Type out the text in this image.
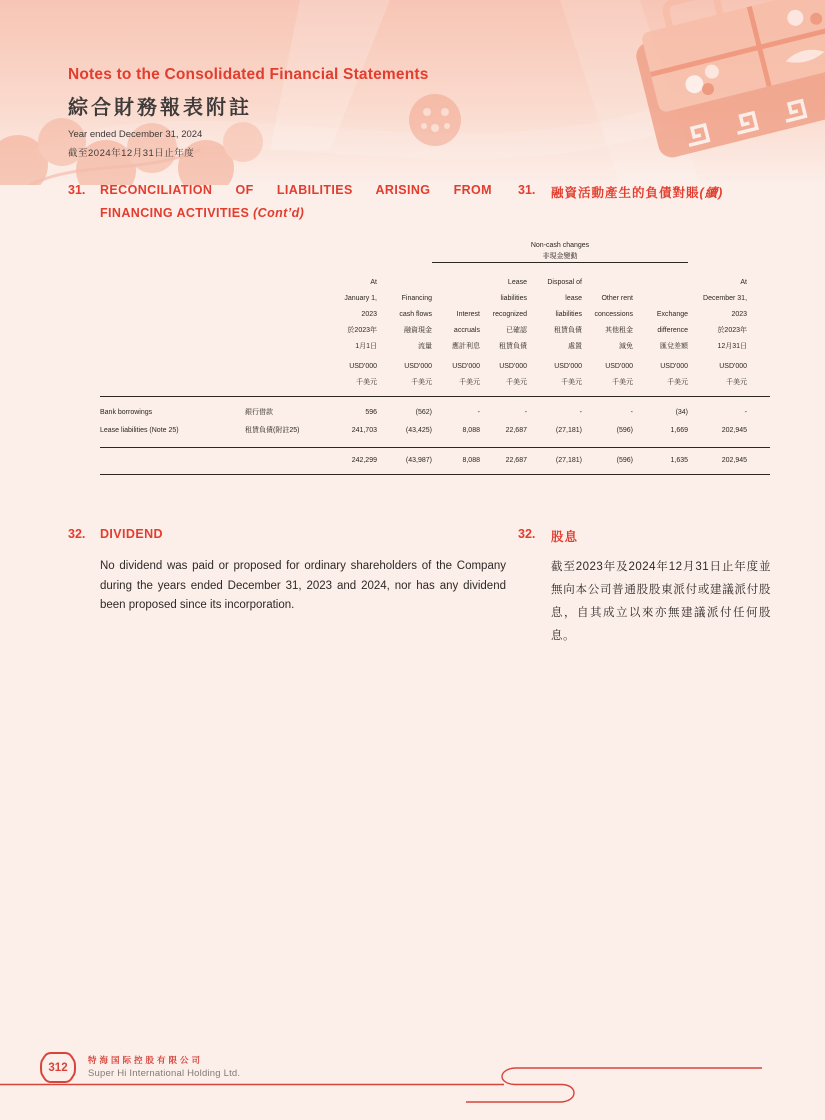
Notes to the Consolidated Financial Statements
綜合財務報表附註
Year ended December 31, 2024
截至2024年12月31日止年度
31. RECONCILIATION OF LIABILITIES ARISING FROM
FINANCING ACTIVITIES (Cont’d)
31. 融資活動產生的負債對賬(續)

				Non-cash changes
非現金變動						

At
January 1,
2023
於2023年
1月1日
USD'000
千美元

Financing
cash flows
融資現金
流量
USD'000
千美元

Interest
accruals
應計利息
USD'000
千美元

Lease
liabilities
recognized
已確認
租賃負債
USD'000
千美元

Disposal of
lease
liabilities
租賃負債
處置
USD'000
千美元

Other rent
concessions
其他租金
減免
USD'000
千美元

Exchange
difference
匯兌差額
USD'000
千美元

At
December 31,
2023
於2023年
12月31日
USD'000
千美元

Bank borrowings	銀行借款	596	(562)	-	-	-	-	(34)	-	
Lease liabilities (Note 25)	租賃負債(附註25)	241,703	(43,425)	8,088	22,687	(27,181)	(596)	1,669	202,945	
		242,299	(43,987)	8,088	22,687	(27,181)	(596)	1,635	202,945	
32. DIVIDEND
No dividend was paid or proposed for ordinary shareholders of the Company during the years ended December 31, 2023 and 2024, nor has any dividend been proposed since its incorporation.
32. 股息
截至2023年及2024年12月31日止年度並無向本公司普通股股東派付或建議派付股息，自其成立以來亦無建議派付任何股息。
312
特海国际控股有限公司
Super Hi International Holding Ltd.
